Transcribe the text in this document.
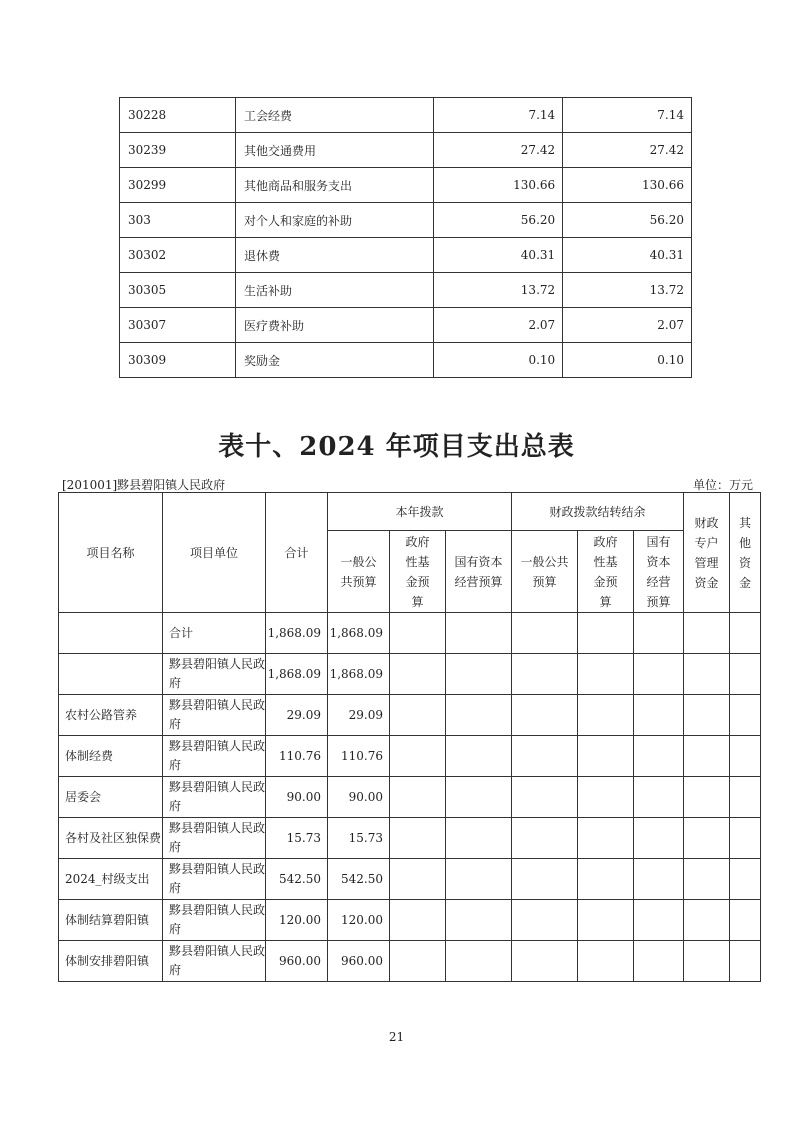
30228	工会经费	7.14	7.14
30239	其他交通费用	27.42	27.42
30299	其他商品和服务支出	130.66	130.66
303	对个人和家庭的补助	56.20	56.20
30302	退休费	40.31	40.31
30305	生活补助	13.72	13.72
30307	医疗费补助	2.07	2.07
30309	奖励金	0.10	0.10
表十、2024 年项目支出总表
[201001]黟县碧阳镇人民政府	单位：万元
项目名称	项目单位	合计	本年拨款			财政拨款结转结余			财政专户管理资金	其他资金
			一般公共预算	政府性基金预算	国有资本经营预算	一般公共预算	政府性基金预算	国有资本经营预算		
	合计	1,868.09	1,868.09							
	黟县碧阳镇人民政府	1,868.09	1,868.09							
农村公路管养	黟县碧阳镇人民政府	29.09	29.09							
体制经费	黟县碧阳镇人民政府	110.76	110.76							
居委会	黟县碧阳镇人民政府	90.00	90.00							
各村及社区独保费	黟县碧阳镇人民政府	15.73	15.73							
2024_村级支出	黟县碧阳镇人民政府	542.50	542.50							
体制结算碧阳镇	黟县碧阳镇人民政府	120.00	120.00							
体制安排碧阳镇	黟县碧阳镇人民政府	960.00	960.00							
21
